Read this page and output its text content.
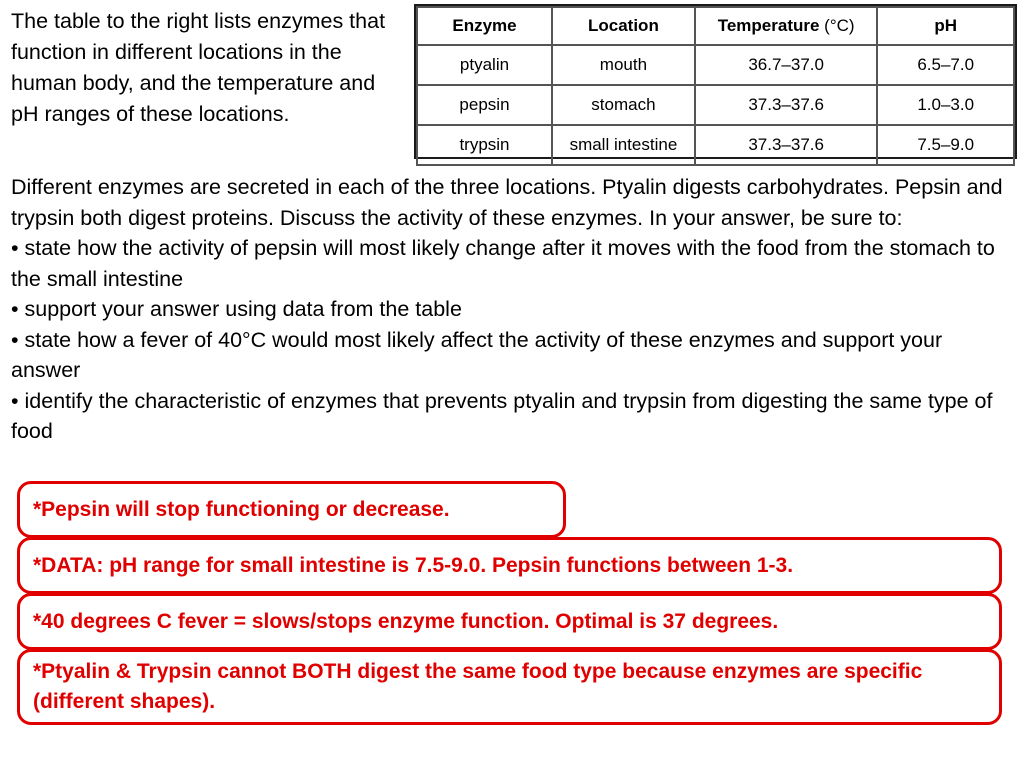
The table to the right lists enzymes that function in different locations in the human body, and the temperature and pH ranges of these locations.

Enzyme	Location	Temperature (°C)	pH
ptyalin	mouth	36.7–37.0	6.5–7.0
pepsin	stomach	37.3–37.6	1.0–3.0
trypsin	small intestine	37.3–37.6	7.5–9.0

Different enzymes are secreted in each of the three locations. Ptyalin digests carbohydrates. Pepsin and trypsin both digest proteins. Discuss the activity of these enzymes. In your answer, be sure to:

• state how the activity of pepsin will most likely change after it moves with the food from the stomach to the small intestine

• support your answer using data from the table

• state how a fever of 40°C would most likely affect the activity of these enzymes and support your answer

• identify the characteristic of enzymes that prevents ptyalin and trypsin from digesting the same type of food

*Pepsin will stop functioning or decrease.
*DATA: pH range for small intestine is 7.5-9.0. Pepsin functions between 1-3.
*40 degrees C fever = slows/stops enzyme function. Optimal is 37 degrees.
*Ptyalin & Trypsin cannot BOTH digest the same food type because enzymes are specific (different shapes).
